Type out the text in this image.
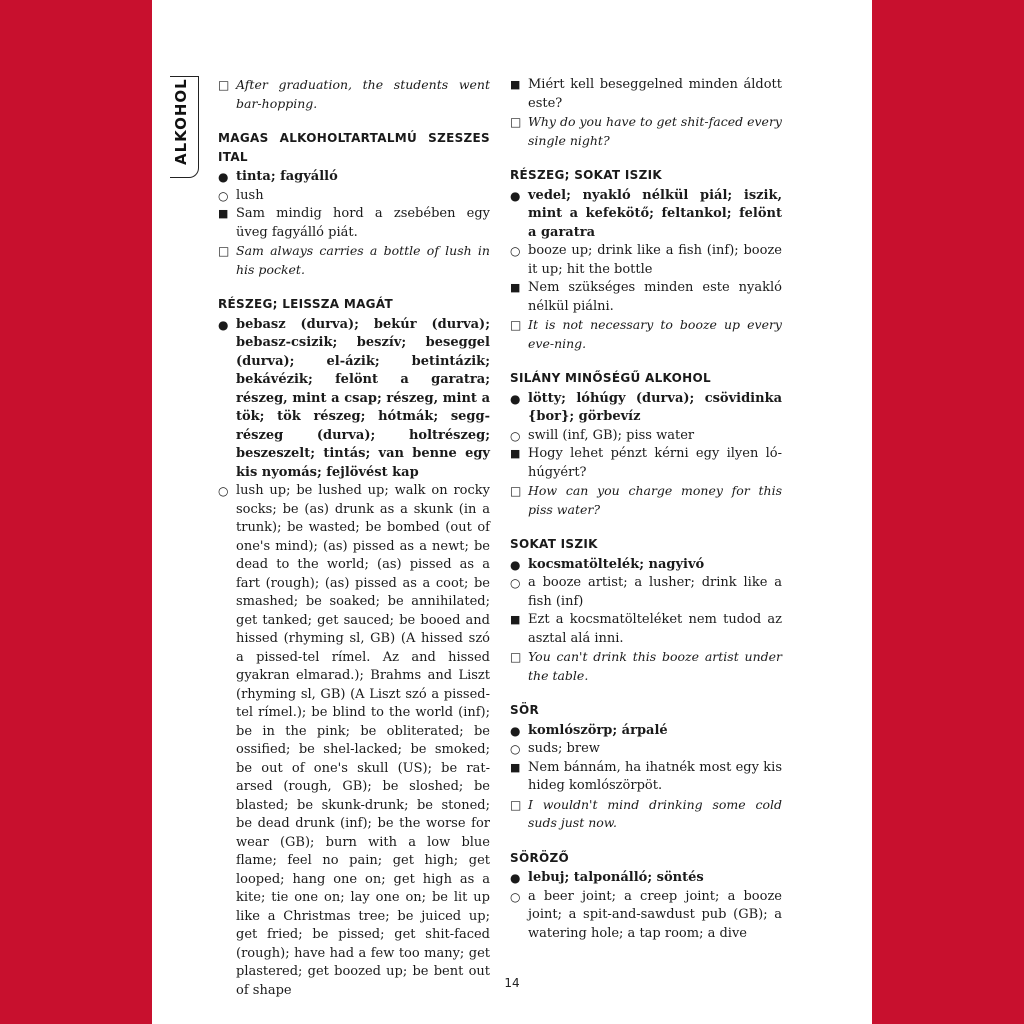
ALKOHOL □ After graduation, the students went bar-hopping.
MAGAS ALKOHOLTARTALMÚ SZESZES ITAL
● tinta; fagyálló
○ lush
■ Sam mindig hord a zsebében egy üveg fagyálló piát.
□ Sam always carries a bottle of lush in his pocket.
RÉSZEG; LEISSZA MAGÁT
● bebasz (durva); bekúr (durva); bebasz-csizik; beszív; beseggel (durva); el-ázik; betintázik; bekávézik; felönt a garatra; részeg, mint a csap; részeg, mint a tök; tök részeg; hótmák; segg-részeg (durva); holtrészeg; beszeszelt; tintás; van benne egy kis nyomás; fejlövést kap
○ lush up; be lushed up; walk on rocky socks; be (as) drunk as a skunk (in a trunk); be wasted; be bombed (out of one's mind); (as) pissed as a newt; be dead to the world; (as) pissed as a fart (rough); (as) pissed as a coot; be smashed; be soaked; be annihilated; get tanked; get sauced; be booed and hissed (rhyming sl, GB) (A hissed szó a pissed-tel rímel. Az and hissed gyakran elmarad.); Brahms and Liszt (rhyming sl, GB) (A Liszt szó a pissed-tel rímel.); be blind to the world (inf); be in the pink; be obliterated; be ossified; be shel-lacked; be smoked; be out of one's skull (US); be rat-arsed (rough, GB); be sloshed; be blasted; be skunk-drunk; be stoned; be dead drunk (inf); be the worse for wear (GB); burn with a low blue flame; feel no pain; get high; get looped; hang one on; get high as a kite; tie one on; lay one on; be lit up like a Christmas tree; be juiced up; get fried; be pissed; get shit-faced (rough); have had a few too many; get plastered; get boozed up; be bent out of shape
■ Miért kell beseggelned minden áldott este?
□ Why do you have to get shit-faced every single night?
RÉSZEG; SOKAT ISZIK
● vedel; nyakló nélkül piál; iszik, mint a kefekötő; feltankol; felönt a garatra
○ booze up; drink like a fish (inf); booze it up; hit the bottle
■ Nem szükséges minden este nyakló nélkül piálni.
□ It is not necessary to booze up every eve-ning.
SILÁNY MINŐSÉGŰ ALKOHOL
● lötty; lóhúgy (durva); csövidinka {bor}; görbevíz
○ swill (inf, GB); piss water
■ Hogy lehet pénzt kérni egy ilyen ló-húgyért?
□ How can you charge money for this piss water?
SOKAT ISZIK
● kocsmatöltelék; nagyivó
○ a booze artist; a lusher; drink like a fish (inf)
■ Ezt a kocsmatölteléket nem tudod az asztal alá inni.
□ You can't drink this booze artist under the table.
SÖR
● komlószörp; árpalé
○ suds; brew
■ Nem bánnám, ha ihatnék most egy kis hideg komlószörpöt.
□ I wouldn't mind drinking some cold suds just now.
SÖRÖZŐ
● lebuj; talponálló; söntés
○ a beer joint; a creep joint; a booze joint; a spit-and-sawdust pub (GB); a watering hole; a tap room; a dive
14
